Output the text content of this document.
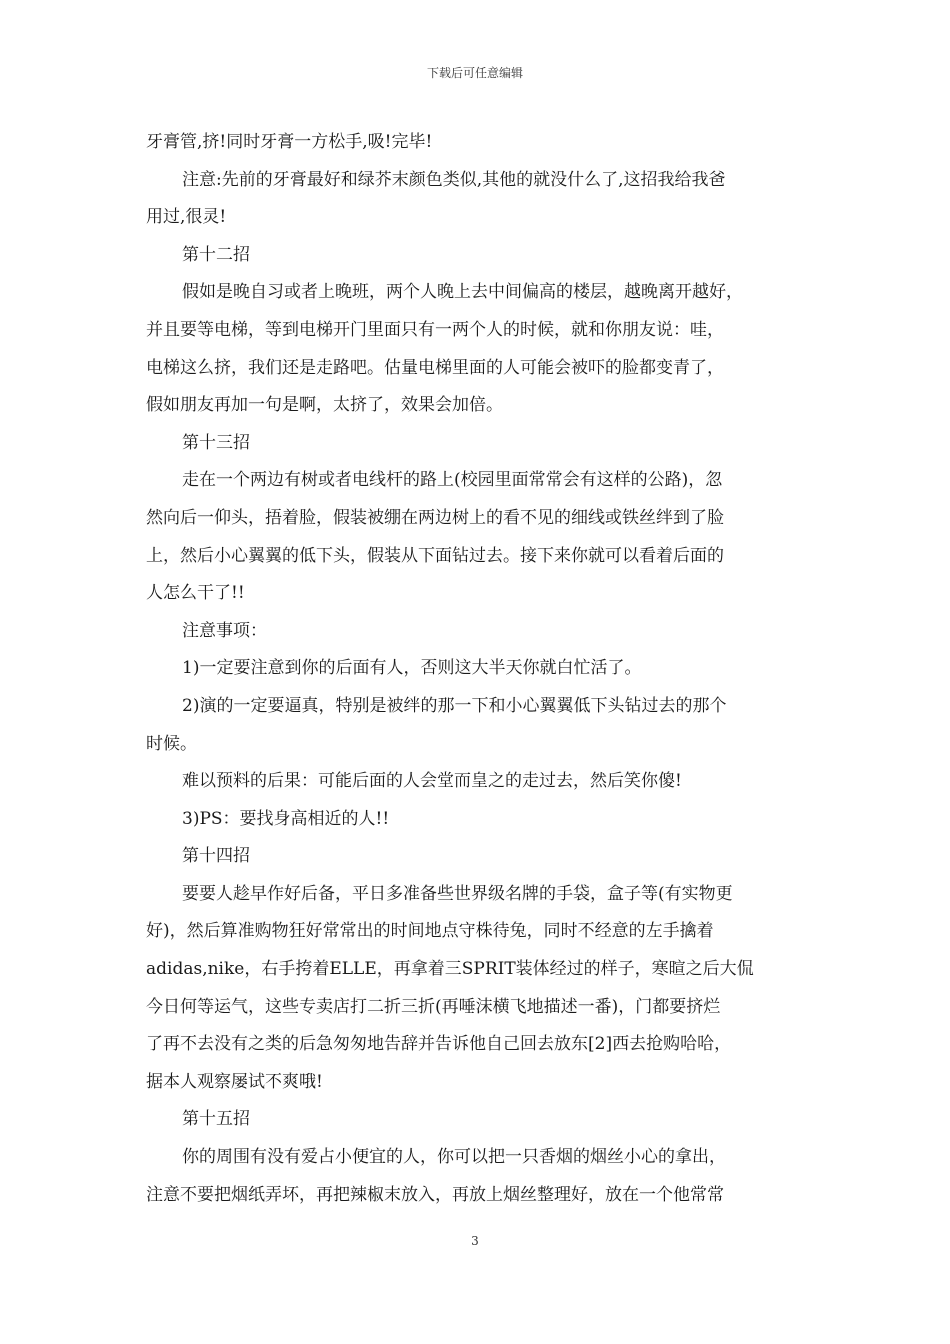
下载后可任意编辑
牙膏管,挤!同时牙膏一方松手,吸!完毕!
注意:先前的牙膏最好和绿芥末颜色类似,其他的就没什么了,这招我给我爸
用过,很灵!
第十二招
假如是晚自习或者上晚班，两个人晚上去中间偏高的楼层，越晚离开越好，
并且要等电梯，等到电梯开门里面只有一两个人的时候，就和你朋友说：哇，
电梯这么挤，我们还是走路吧。估量电梯里面的人可能会被吓的脸都变青了，
假如朋友再加一句是啊，太挤了，效果会加倍。
第十三招
走在一个两边有树或者电线杆的路上(校园里面常常会有这样的公路)，忽
然向后一仰头，捂着脸，假装被绷在两边树上的看不见的细线或铁丝绊到了脸
上，然后小心翼翼的低下头，假装从下面钻过去。接下来你就可以看着后面的
人怎么干了!!
注意事项：
1)一定要注意到你的后面有人，否则这大半天你就白忙活了。
2)演的一定要逼真，特别是被绊的那一下和小心翼翼低下头钻过去的那个
时候。
难以预料的后果：可能后面的人会堂而皇之的走过去，然后笑你傻!
3)PS：要找身高相近的人!!
第十四招
要要人趁早作好后备，平日多准备些世界级名牌的手袋，盒子等(有实物更
好)，然后算准购物狂好常常出的时间地点守株待兔，同时不经意的左手擒着
adidas,nike，右手挎着ELLE，再拿着三SPRIT装体经过的样子，寒暄之后大侃
今日何等运气，这些专卖店打二折三折(再唾沫横飞地描述一番)，门都要挤烂
了再不去没有之类的后急匆匆地告辞并告诉他自己回去放东[2]西去抢购哈哈，
据本人观察屡试不爽哦!
第十五招
你的周围有没有爱占小便宜的人，你可以把一只香烟的烟丝小心的拿出，
注意不要把烟纸弄坏，再把辣椒末放入，再放上烟丝整理好，放在一个他常常
3
